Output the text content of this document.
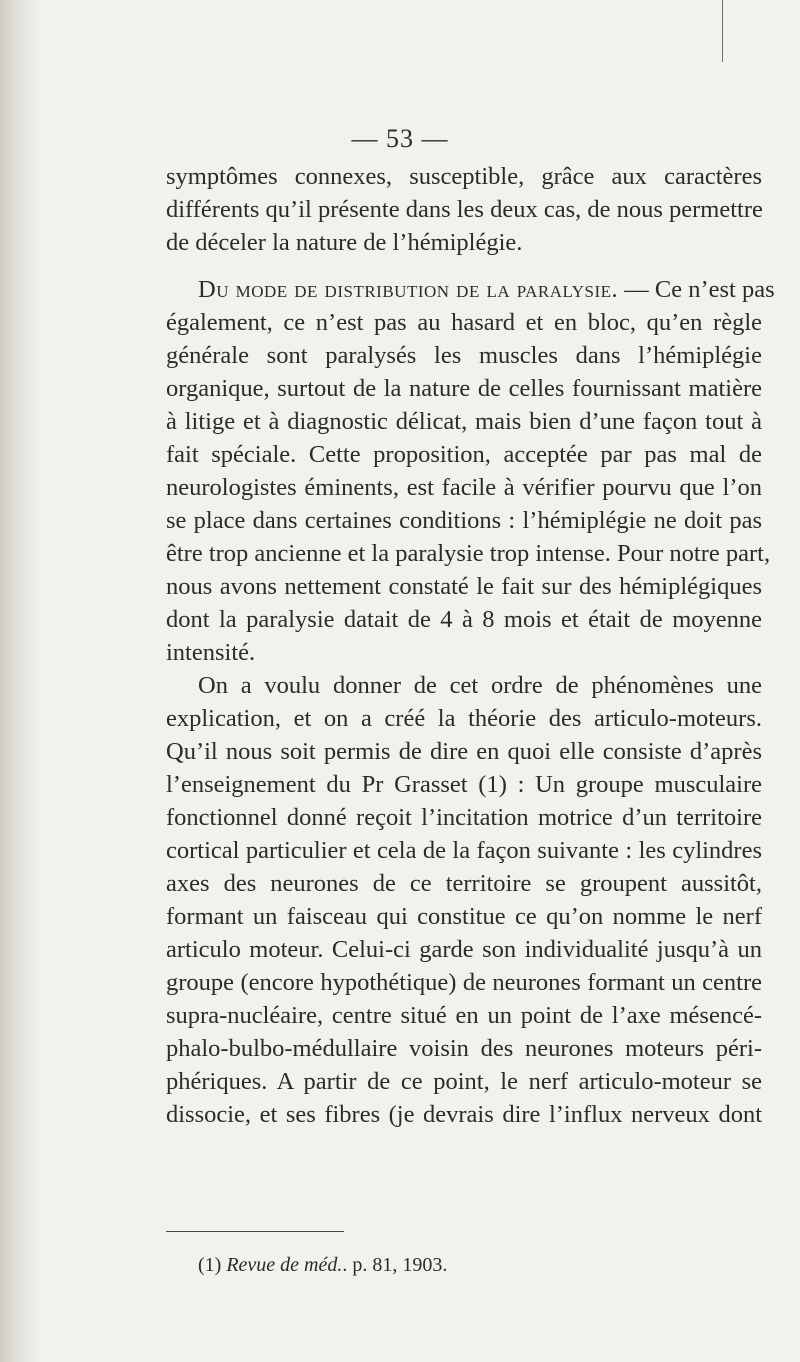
— 53 —
symptômes connexes, susceptible, grâce aux caractères
différents qu’il présente dans les deux cas, de nous permettre
de déceler la nature de l’hémiplégie.
Du mode de distribution de la paralysie. — Ce n’est pas
également, ce n’est pas au hasard et en bloc, qu’en règle
générale sont paralysés les muscles dans l’hémiplégie
organique, surtout de la nature de celles fournissant matière
à litige et à diagnostic délicat, mais bien d’une façon tout à
fait spéciale. Cette proposition, acceptée par pas mal de
neurologistes éminents, est facile à vérifier pourvu que l’on
se place dans certaines conditions : l’hémiplégie ne doit pas
être trop ancienne et la paralysie trop intense. Pour notre part,
nous avons nettement constaté le fait sur des hémiplégiques
dont la paralysie datait de 4 à 8 mois et était de moyenne
intensité.
On a voulu donner de cet ordre de phénomènes une
explication, et on a créé la théorie des articulo-moteurs.
Qu’il nous soit permis de dire en quoi elle consiste d’après
l’enseignement du Pr Grasset (1) : Un groupe musculaire
fonctionnel donné reçoit l’incitation motrice d’un territoire
cortical particulier et cela de la façon suivante : les cylindres
axes des neurones de ce territoire se groupent aussitôt,
formant un faisceau qui constitue ce qu’on nomme le nerf
articulo moteur. Celui-ci garde son individualité jusqu’à un
groupe (encore hypothétique) de neurones formant un centre
supra-nucléaire, centre situé en un point de l’axe mésencé-
phalo-bulbo-médullaire voisin des neurones moteurs péri-
phériques. A partir de ce point, le nerf articulo-moteur se
dissocie, et ses fibres (je devrais dire l’influx nerveux dont
(1) Revue de méd.. p. 81, 1903.
